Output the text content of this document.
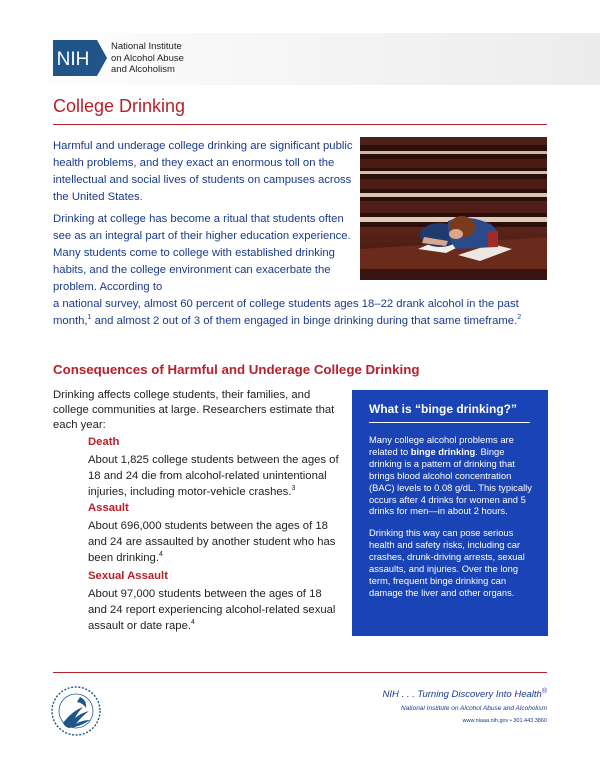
NIH
National Institute
on Alcohol Abuse
and Alcoholism
College Drinking

Harmful and underage college drinking are significant public health problems, and they exact an enormous toll on the intellectual and social lives of students on campuses across the United States.

Drinking at college has become a ritual that students often see as an integral part of their higher education experience. Many students come to college with established drinking habits, and the college environment can exacerbate the problem. According to

a national survey, almost 60 percent of college students ages 18–22 drank alcohol in the past month,$^1$ and almost 2 out of 3 of them engaged in binge drinking during that same timeframe.$^2$

Consequences of Harmful and Underage College Drinking

Drinking affects college students, their families, and college communities at large. Researchers estimate that each year:

Death

About 1,825 college students between the ages of 18 and 24 die from alcohol-related unintentional injuries, including motor-vehicle crashes.$^3$

Assault

About 696,000 students between the ages of 18 and 24 are assaulted by another student who has been drinking.$^4$

Sexual Assault

About 97,000 students between the ages of 18 and 24 report experiencing alcohol-related sexual assault or date rape.$^4$

What is “binge drinking?”

Many college alcohol problems are related to binge drinking. Binge drinking is a pattern of drinking that brings blood alcohol concentration (BAC) levels to 0.08 g/dL. This typically occurs after 4 drinks for women and 5 drinks for men—in about 2 hours.

Drinking this way can pose serious health and safety risks, including car crashes, drunk-driving arrests, sexual assaults, and injuries. Over the long term, frequent binge drinking can damage the liver and other organs.

NIH . . . Turning Discovery Into Health®

National Institute on Alcohol Abuse and Alcoholism

www.niaaa.nih.gov • 301.443.3860
